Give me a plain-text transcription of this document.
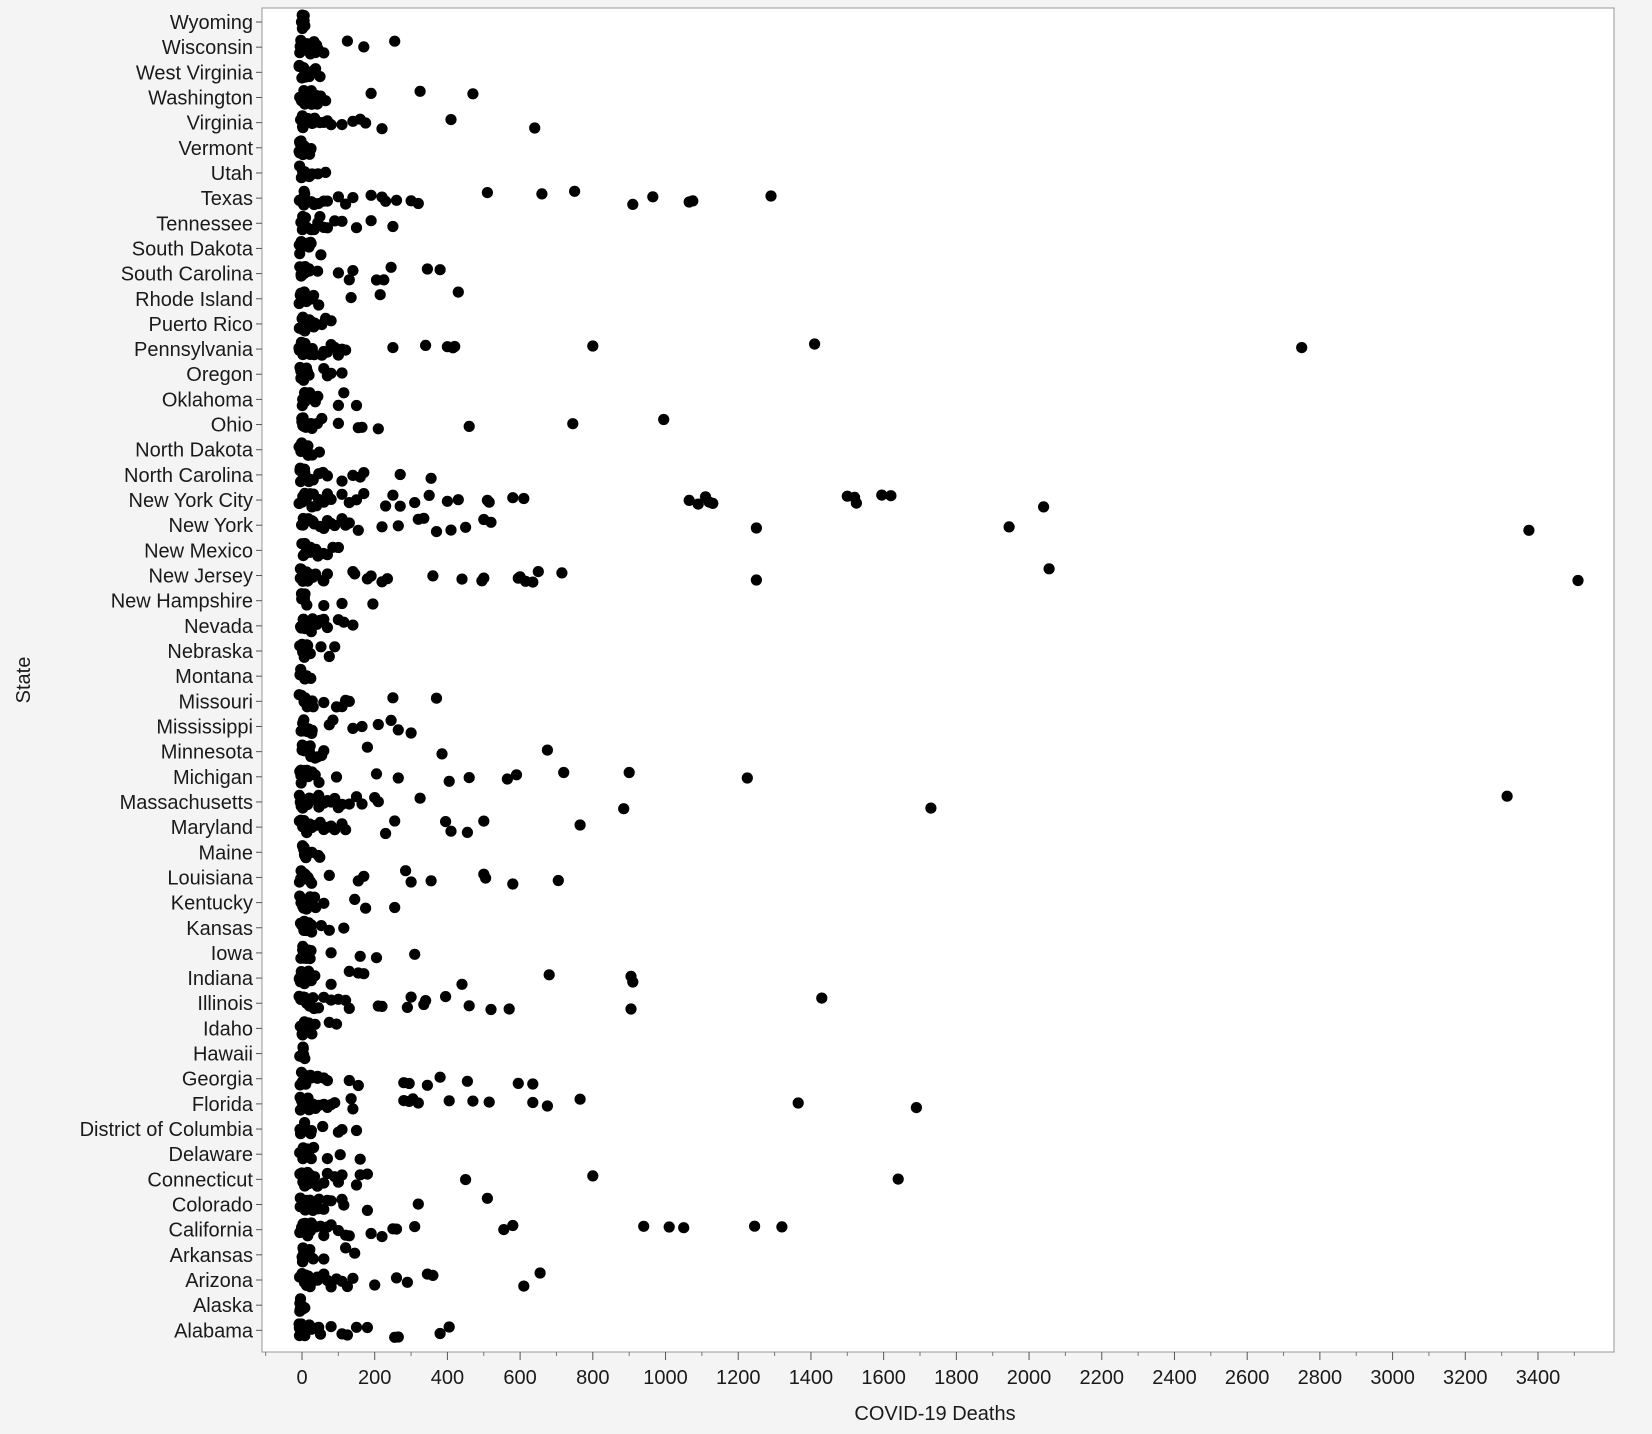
Wyoming
Wisconsin
West Virginia
Washington
Virginia
Vermont
Utah
Texas
Tennessee
South Dakota
South Carolina
Rhode Island
Puerto Rico
Pennsylvania
Oregon
Oklahoma
Ohio
North Dakota
North Carolina
New York City
New York
New Mexico
New Jersey
New Hampshire
Nevada
Nebraska
Montana
Missouri
Mississippi
Minnesota
Michigan
Massachusetts
Maryland
Maine
Louisiana
Kentucky
Kansas
Iowa
Indiana
Illinois
Idaho
Hawaii
Georgia
Florida
District of Columbia
Delaware
Connecticut
Colorado
California
Arkansas
Arizona
Alaska
Alabama
0	200 400 600 800 1000 1200 1400 1600 1800 2000 2200 2400 2600 2800 3000 3200 3400
COVID-19 Deaths
State
